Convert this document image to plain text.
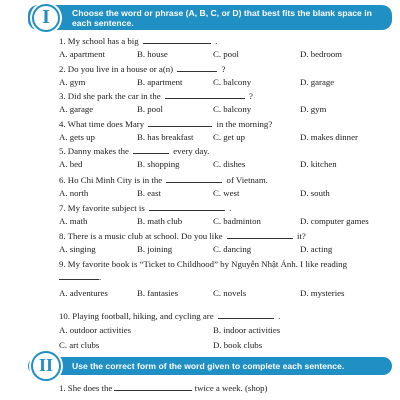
I	Choose the word or phrase (A, B, C, or D) that best fits the blank space in each sentence.
1. My school has a big	.
A. apartment	B. house	C. pool	D. bedroom
2. Do you live in a house or a(n)	?
A. gym	B. apartment	C. balcony	D. garage
3. Did she park the car in the	?
A. garage	B. pool	C. balcony	D. gym
4. What time does Mary	in the morning?
A. gets up	B. has breakfast C. get up	D. makes dinner
5. Danny makes the	every day.
A. bed	B. shopping	C. dishes	D. kitchen
6. Ho Chi Minh City is in the	of Vietnam.
A. north	B. east	C. west	D. south
7. My favorite subject is	.
A. math	B. math club	C. badminton	D. computer games
8. There is a music club at school. Do you like	it?
A. singing	B. joining	C. dancing	D. acting
9. My favorite book is “Ticket to Childhood” by Nguyễn Nhật Ánh. I like reading
.
A. adventures	B. fantasies	C. novels	D. mysteries
10. Playing football, hiking, and cycling are	.
A. outdoor activities	B. indoor activities
C. art clubs	D. book clubs
II	Use the correct form of the word given to complete each sentence.
1. She does the	twice a week. (shop)
